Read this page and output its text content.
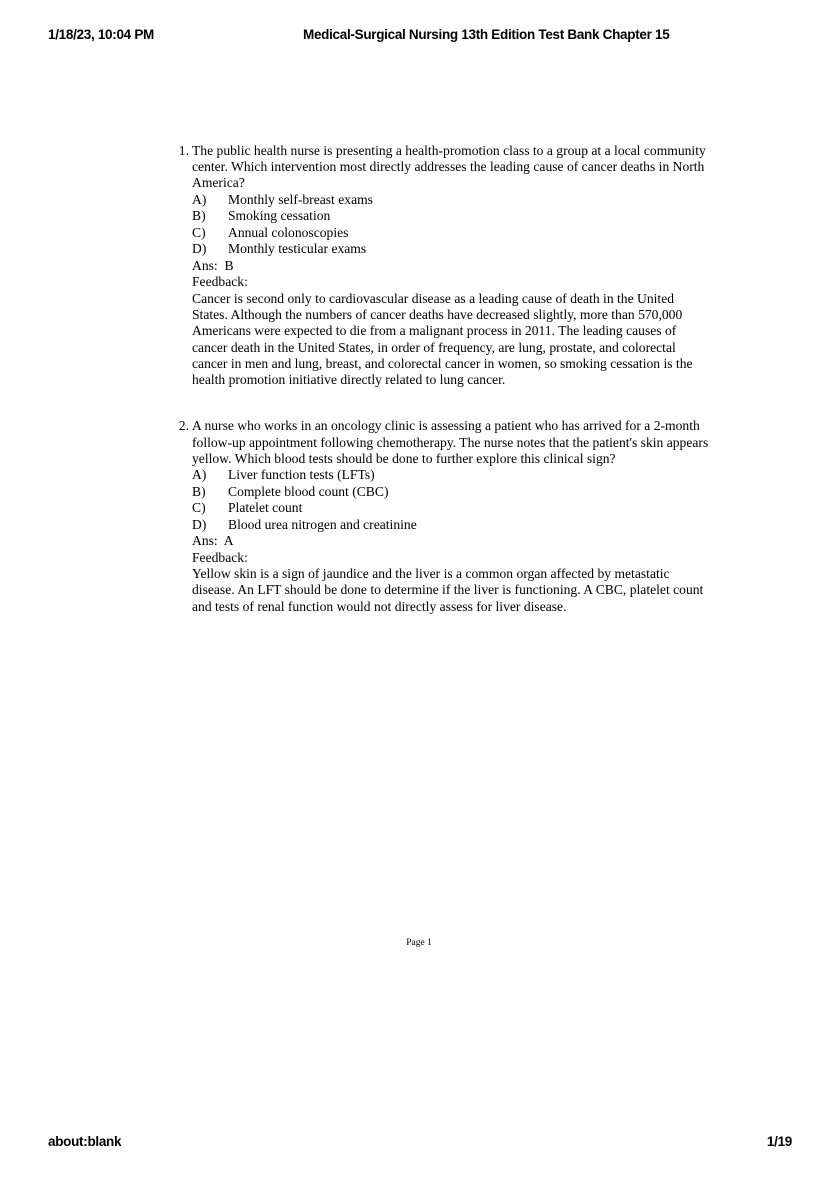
1/18/23, 10:04 PM	Medical-Surgical Nursing 13th Edition Test Bank Chapter 15
1. The public health nurse is presenting a health-promotion class to a group at a local community center. Which intervention most directly addresses the leading cause of cancer deaths in North America?
A) Monthly self-breast exams
B) Smoking cessation
C) Annual colonoscopies
D) Monthly testicular exams
Ans:  B
Feedback:
Cancer is second only to cardiovascular disease as a leading cause of death in the United States. Although the numbers of cancer deaths have decreased slightly, more than 570,000 Americans were expected to die from a malignant process in 2011. The leading causes of cancer death in the United States, in order of frequency, are lung, prostate, and colorectal cancer in men and lung, breast, and colorectal cancer in women, so smoking cessation is the health promotion initiative directly related to lung cancer.
2. A nurse who works in an oncology clinic is assessing a patient who has arrived for a 2-month follow-up appointment following chemotherapy. The nurse notes that the patient's skin appears yellow. Which blood tests should be done to further explore this clinical sign?
A) Liver function tests (LFTs)
B) Complete blood count (CBC)
C) Platelet count
D) Blood urea nitrogen and creatinine
Ans:  A
Feedback:
Yellow skin is a sign of jaundice and the liver is a common organ affected by metastatic disease. An LFT should be done to determine if the liver is functioning. A CBC, platelet count and tests of renal function would not directly assess for liver disease.
Page 1
about:blank	1/19
